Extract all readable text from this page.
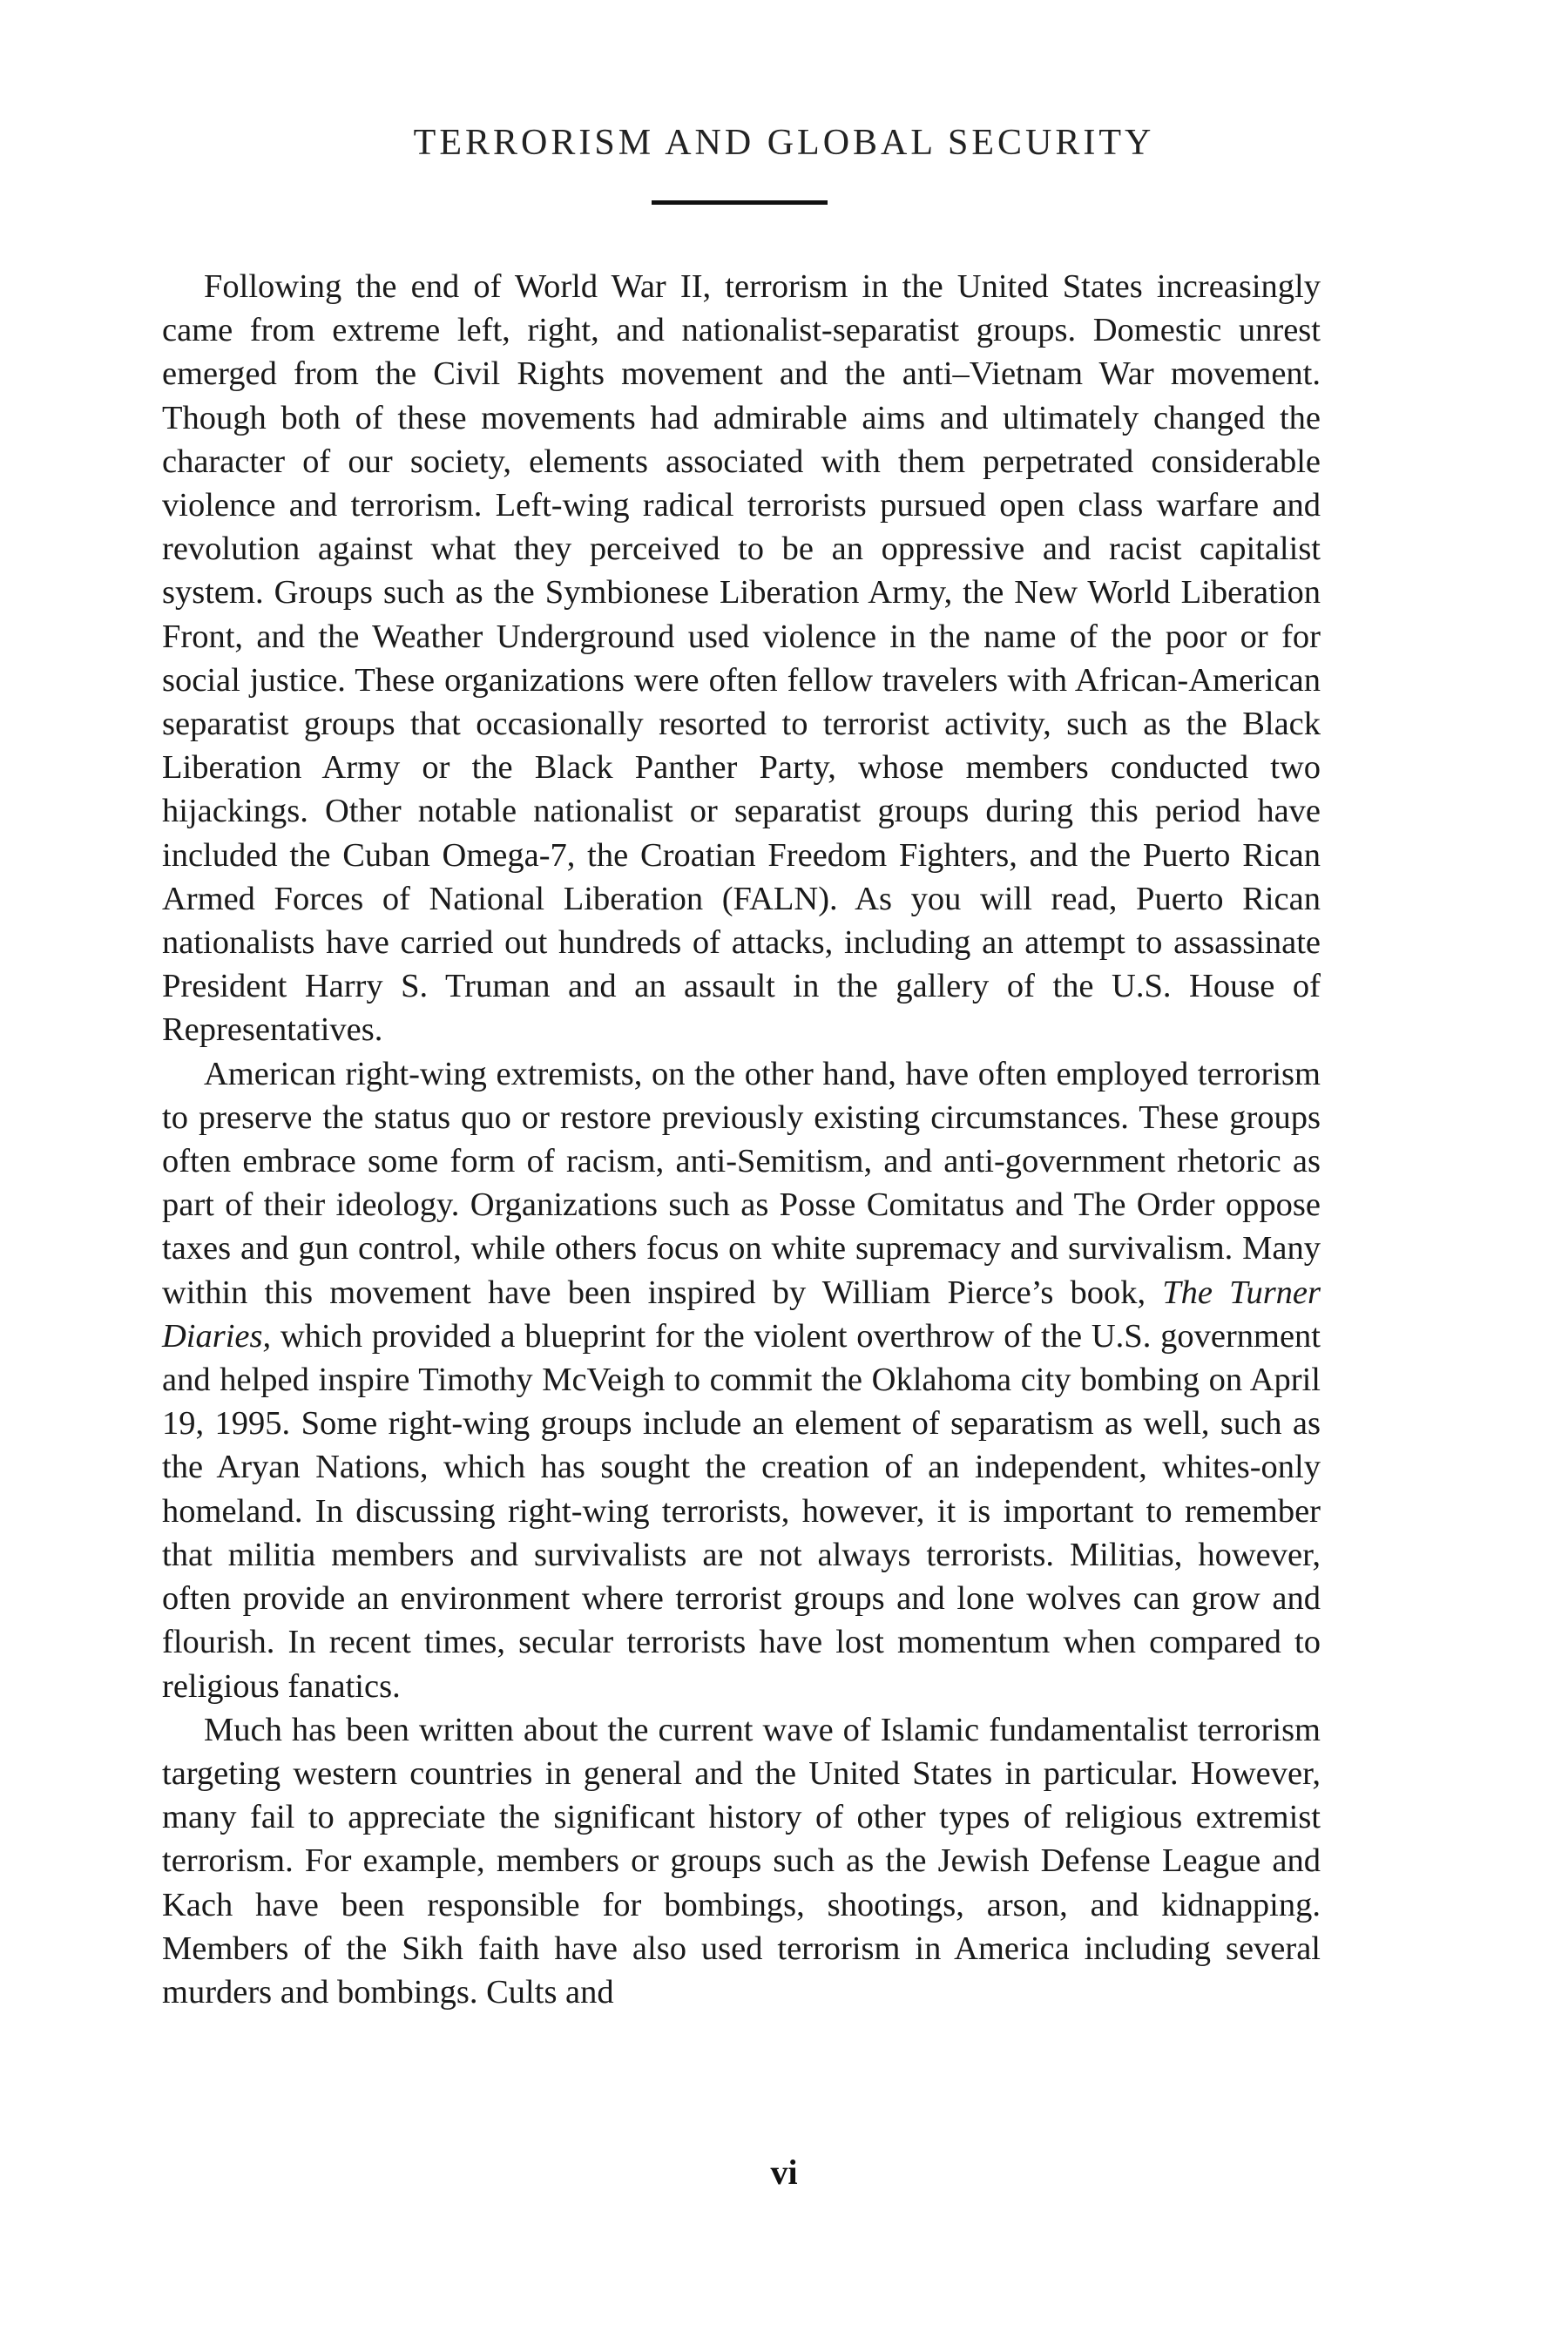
TERRORISM AND GLOBAL SECURITY

Following the end of World War II, terrorism in the United States increasingly came from extreme left, right, and nationalist-separatist groups. Domestic unrest emerged from the Civil Rights movement and the anti–Vietnam War movement. Though both of these movements had admirable aims and ultimately changed the character of our society, elements associated with them perpetrated considerable violence and terrorism. Left-wing radical terrorists pursued open class warfare and revolution against what they perceived to be an oppressive and racist capitalist system. Groups such as the Symbionese Liberation Army, the New World Liberation Front, and the Weather Underground used violence in the name of the poor or for social justice. These organizations were often fellow travelers with African-American separatist groups that occasionally resorted to terrorist activity, such as the Black Liberation Army or the Black Panther Party, whose members conducted two hijackings. Other notable nationalist or separatist groups during this period have included the Cuban Omega-7, the Croatian Freedom Fighters, and the Puerto Rican Armed Forces of National Liberation (FALN). As you will read, Puerto Rican nationalists have carried out hundreds of attacks, including an attempt to assassinate President Harry S. Truman and an assault in the gallery of the U.S. House of Representatives.

American right-wing extremists, on the other hand, have often employed terrorism to preserve the status quo or restore previously existing circumstances. These groups often embrace some form of racism, anti-Semitism, and anti-government rhetoric as part of their ideology. Organizations such as Posse Comitatus and The Order oppose taxes and gun control, while others focus on white supremacy and survivalism. Many within this movement have been inspired by William Pierce’s book, The Turner Diaries, which provided a blueprint for the violent overthrow of the U.S. government and helped inspire Timothy McVeigh to commit the Oklahoma city bombing on April 19, 1995. Some right-wing groups include an element of separatism as well, such as the Aryan Nations, which has sought the creation of an independent, whites-only homeland. In discussing right-wing terrorists, however, it is important to remember that militia members and survivalists are not always terrorists. Militias, however, often provide an environment where terrorist groups and lone wolves can grow and flourish. In recent times, secular terrorists have lost momentum when compared to religious fanatics.

Much has been written about the current wave of Islamic fundamentalist terrorism targeting western countries in general and the United States in particular. However, many fail to appreciate the significant history of other types of religious extremist terrorism. For example, members or groups such as the Jewish Defense League and Kach have been responsible for bombings, shootings, arson, and kidnapping. Members of the Sikh faith have also used terrorism in America including several murders and bombings. Cults and

vi
